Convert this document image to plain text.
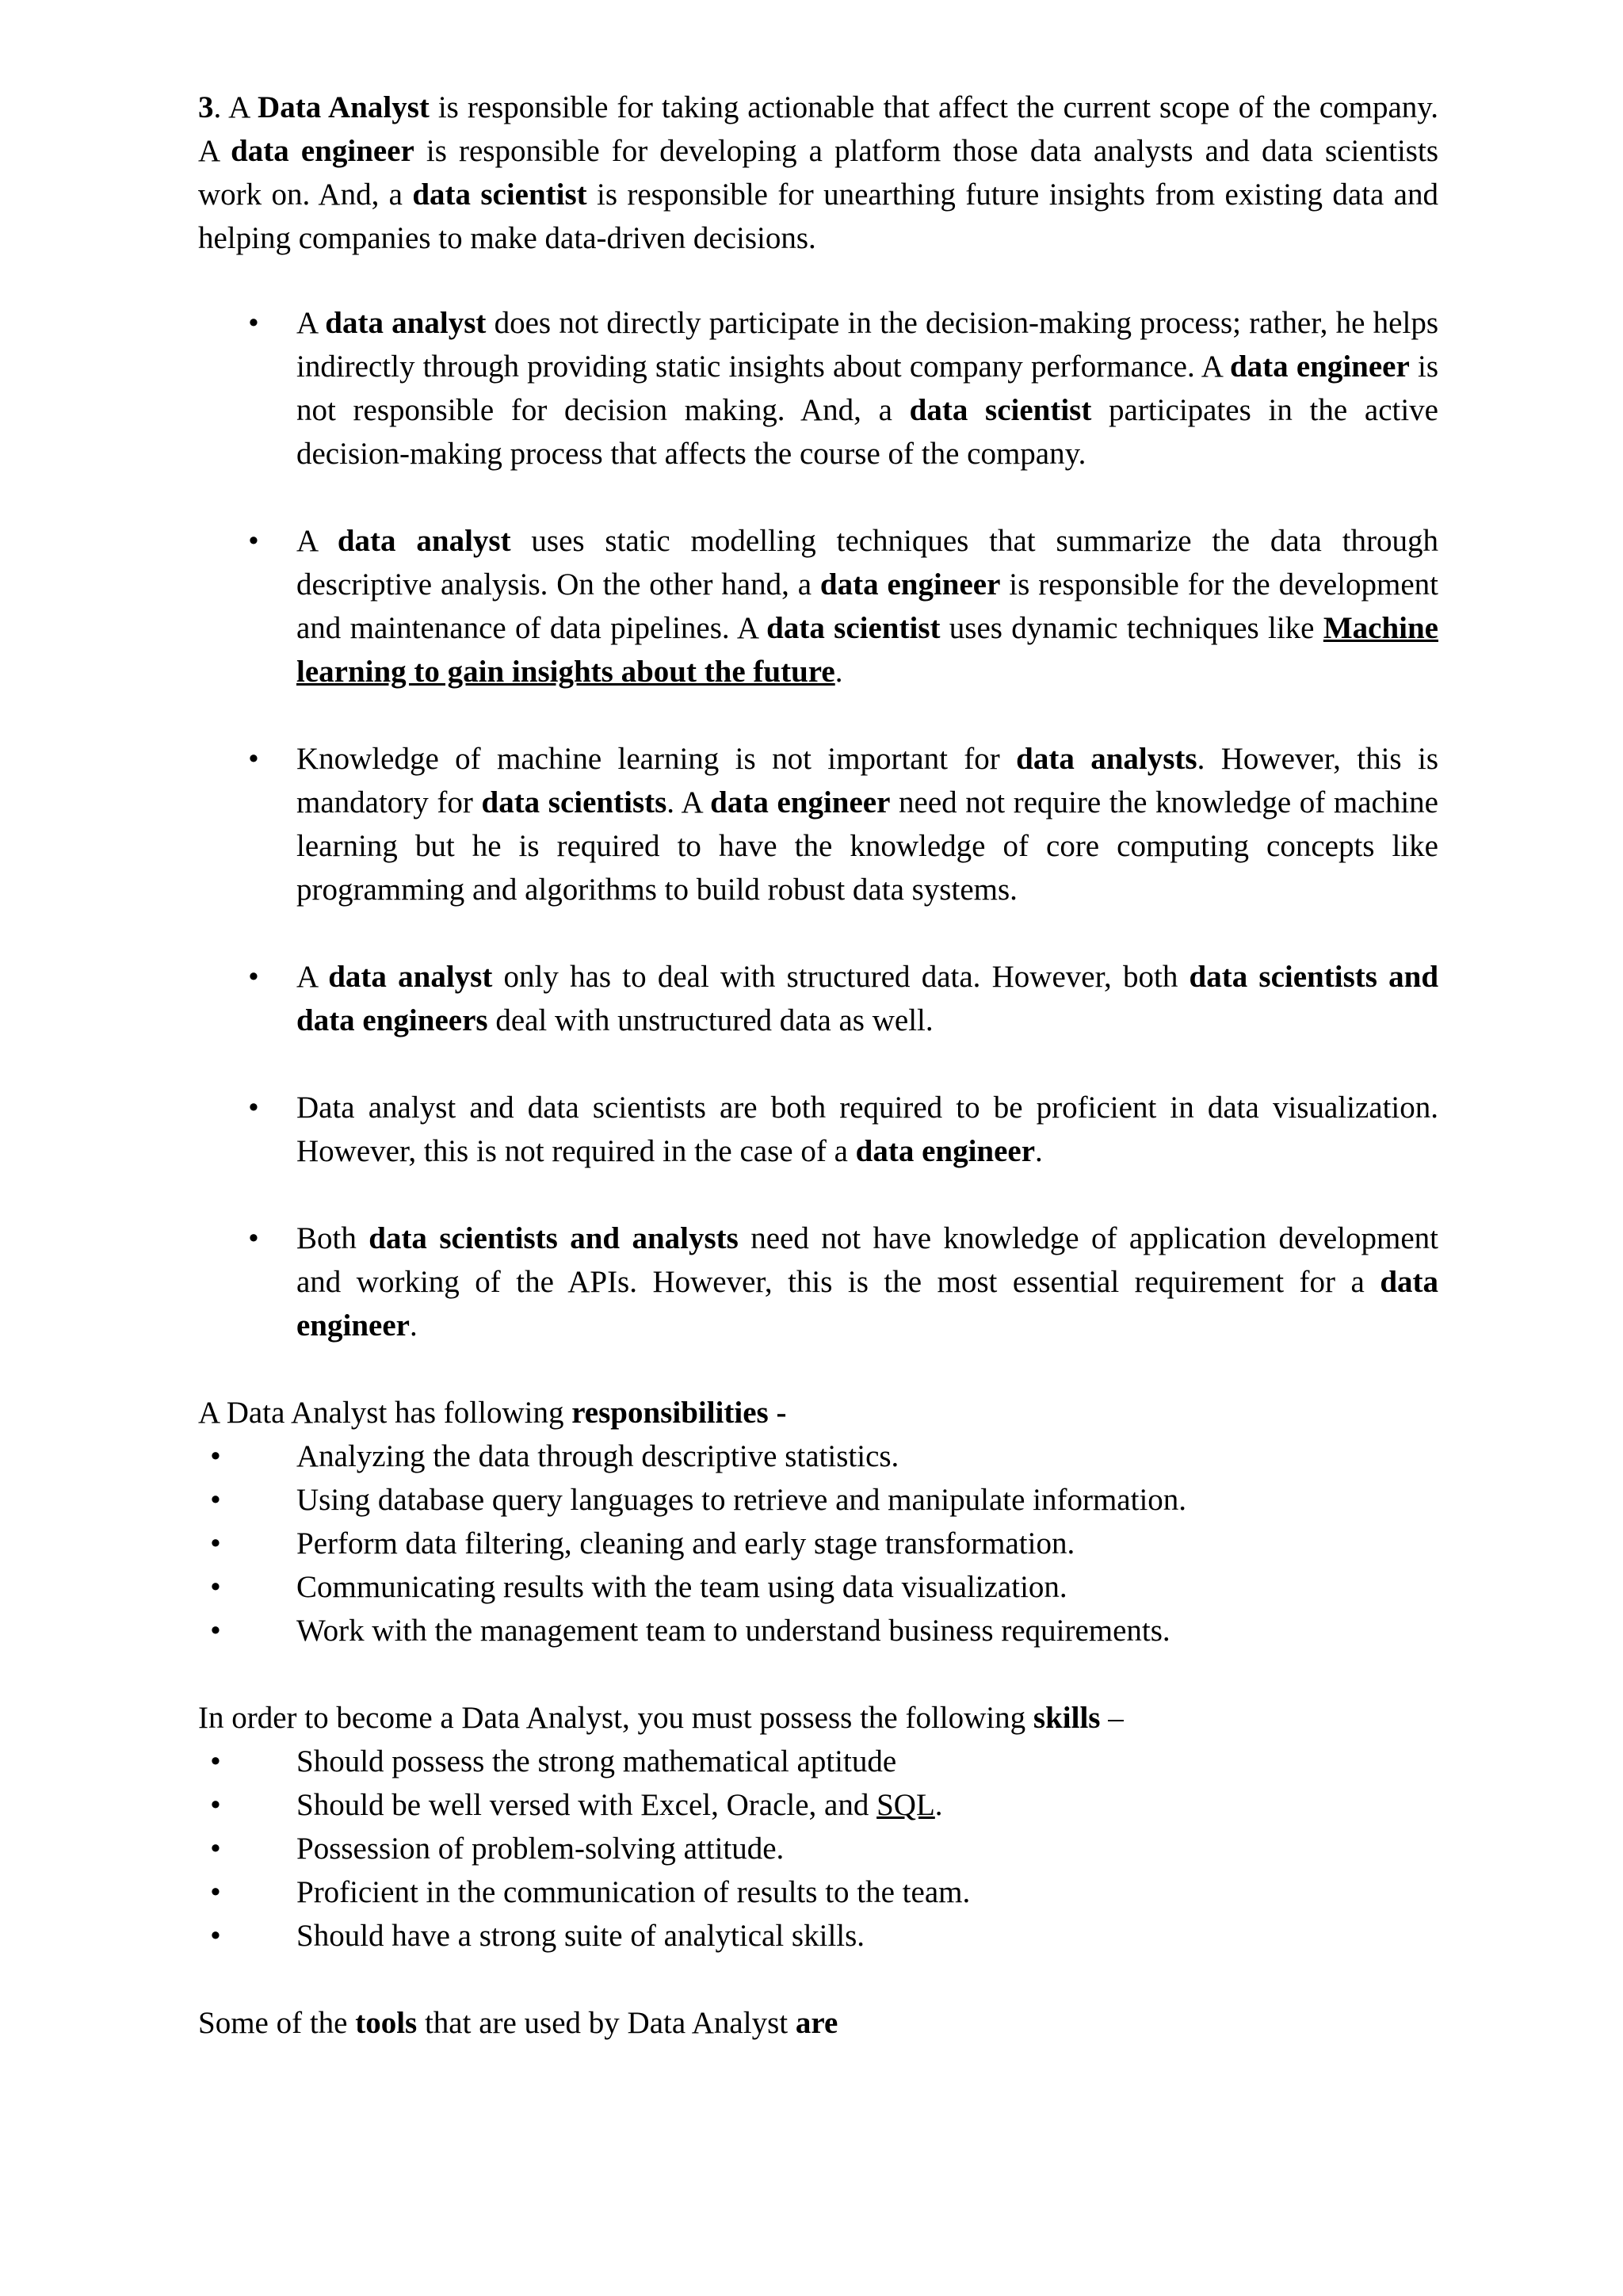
3. A Data Analyst is responsible for taking actionable that affect the current scope of the company. A data engineer is responsible for developing a platform those data analysts and data scientists work on. And, a data scientist is responsible for unearthing future insights from existing data and helping companies to make data-driven decisions.

• A data analyst does not directly participate in the decision-making process; rather, he helps indirectly through providing static insights about company performance. A data engineer is not responsible for decision making. And, a data scientist participates in the active decision-making process that affects the course of the company.
• A data analyst uses static modelling techniques that summarize the data through descriptive analysis. On the other hand, a data engineer is responsible for the development and maintenance of data pipelines. A data scientist uses dynamic techniques like Machine learning to gain insights about the future.
• Knowledge of machine learning is not important for data analysts. However, this is mandatory for data scientists. A data engineer need not require the knowledge of machine learning but he is required to have the knowledge of core computing concepts like programming and algorithms to build robust data systems.
• A data analyst only has to deal with structured data. However, both data scientists and data engineers deal with unstructured data as well.
• Data analyst and data scientists are both required to be proficient in data visualization. However, this is not required in the case of a data engineer.
• Both data scientists and analysts need not have knowledge of application development and working of the APIs. However, this is the most essential requirement for a data engineer.

A Data Analyst has following responsibilities -

• Analyzing the data through descriptive statistics.
• Using database query languages to retrieve and manipulate information.
• Perform data filtering, cleaning and early stage transformation.
• Communicating results with the team using data visualization.
• Work with the management team to understand business requirements.

In order to become a Data Analyst, you must possess the following skills –

• Should possess the strong mathematical aptitude
• Should be well versed with Excel, Oracle, and SQL.
• Possession of problem-solving attitude.
• Proficient in the communication of results to the team.
• Should have a strong suite of analytical skills.

Some of the tools that are used by Data Analyst are
